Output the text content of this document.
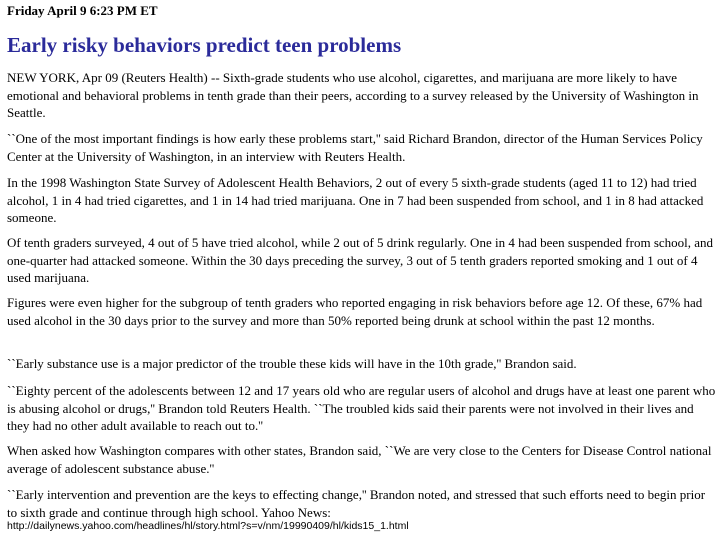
Friday April 9 6:23 PM ET
Early risky behaviors predict teen problems

NEW YORK, Apr 09 (Reuters Health) -- Sixth-grade students who use alcohol, cigarettes, and marijuana are more likely to have emotional and behavioral problems in tenth grade than their peers, according to a survey released by the University of Washington in Seattle.

``One of the most important findings is how early these problems start,'' said Richard Brandon, director of the Human Services Policy Center at the University of Washington, in an interview with Reuters Health.

In the 1998 Washington State Survey of Adolescent Health Behaviors, 2 out of every 5 sixth-grade students (aged 11 to 12) had tried alcohol, 1 in 4 had tried cigarettes, and 1 in 14 had tried marijuana. One in 7 had been suspended from school, and 1 in 8 had attacked someone.

Of tenth graders surveyed, 4 out of 5 have tried alcohol, while 2 out of 5 drink regularly. One in 4 had been suspended from school, and one-quarter had attacked someone. Within the 30 days preceding the survey, 3 out of 5 tenth graders reported smoking and 1 out of 4 used marijuana.

Figures were even higher for the subgroup of tenth graders who reported engaging in risk behaviors before age 12. Of these, 67% had used alcohol in the 30 days prior to the survey and more than 50% reported being drunk at school within the past 12 months.

``Early substance use is a major predictor of the trouble these kids will have in the 10th grade,'' Brandon said.

``Eighty percent of the adolescents between 12 and 17 years old who are regular users of alcohol and drugs have at least one parent who is abusing alcohol or drugs,'' Brandon told Reuters Health. ``The troubled kids said their parents were not involved in their lives and they had no other adult available to reach out to.''

When asked how Washington compares with other states, Brandon said, ``We are very close to the Centers for Disease Control national average of adolescent substance abuse.''

``Early intervention and prevention are the keys to effecting change,'' Brandon noted, and stressed that such efforts need to begin prior to sixth grade and continue through high school. Yahoo News:

http://dailynews.yahoo.com/headlines/hl/story.html?s=v/nm/19990409/hl/kids15_1.html
